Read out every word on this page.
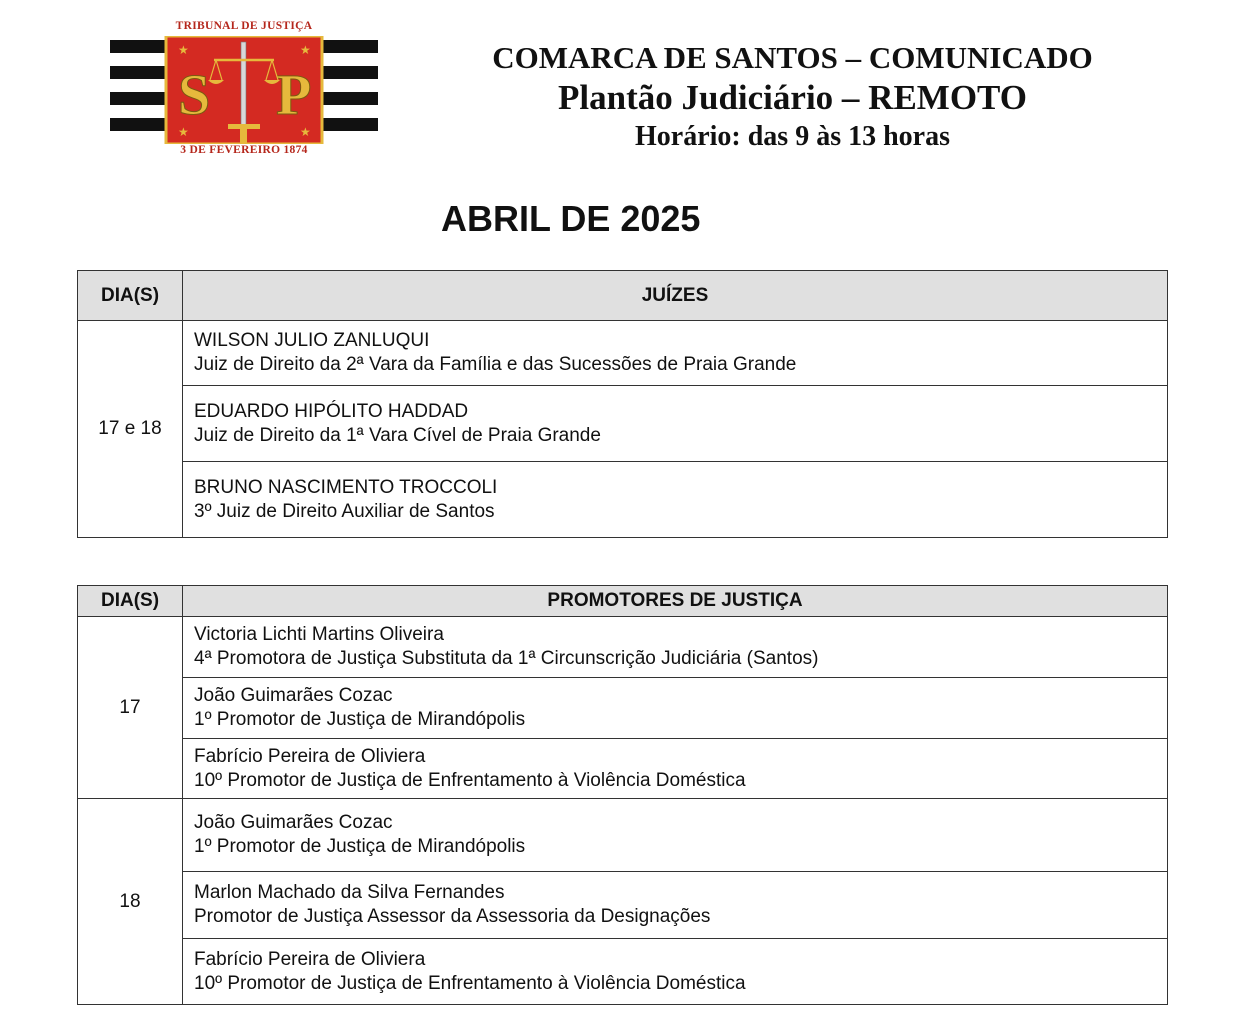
TRIBUNAL DE JUSTIÇA
★	★
★	★
S P
3 DE FEVEREIRO 1874
COMARCA DE SANTOS – COMUNICADO
Plantão Judiciário – REMOTO
Horário: das 9 às 13 horas
ABRIL DE 2025
DIA(S)	JUÍZES
17 e 18	WILSON JULIO ZANLUQUI
Juiz de Direito da 2ª Vara da Família e das Sucessões de Praia Grande

	EDUARDO HIPÓLITO HADDAD
Juiz de Direito da 1ª Vara Cível de Praia Grande

	BRUNO NASCIMENTO TROCCOLI
3º Juiz de Direito Auxiliar de Santos
DIA(S)	PROMOTORES DE JUSTIÇA
17	Victoria Lichti Martins Oliveira
4ª Promotora de Justiça Substituta da 1ª Circunscrição Judiciária (Santos)

	João Guimarães Cozac
1º Promotor de Justiça de Mirandópolis

	Fabrício Pereira de Oliviera
10º Promotor de Justiça de Enfrentamento à Violência Doméstica

18	João Guimarães Cozac
1º Promotor de Justiça de Mirandópolis

	Marlon Machado da Silva Fernandes
Promotor de Justiça Assessor da Assessoria da Designações

	Fabrício Pereira de Oliviera
10º Promotor de Justiça de Enfrentamento à Violência Doméstica
